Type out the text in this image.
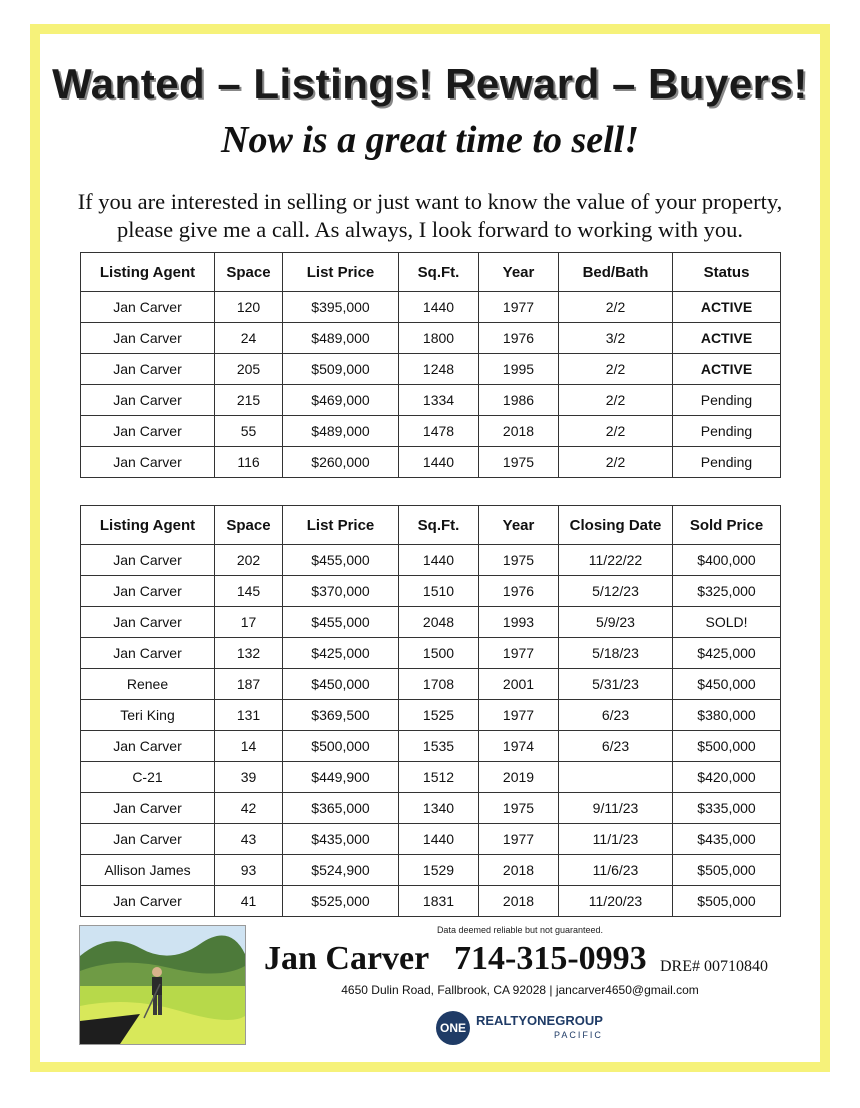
Wanted – Listings! Reward – Buyers!
Now is a great time to sell!
If you are interested in selling or just want to know the value of your property, please give me a call. As always, I look forward to working with you.
Listing Agent	Space	List Price	Sq.Ft.	Year	Bed/Bath	Status
Jan Carver	120	$395,000	1440	1977	2/2	ACTIVE
Jan Carver	24	$489,000	1800	1976	3/2	ACTIVE
Jan Carver	205	$509,000	1248	1995	2/2	ACTIVE
Jan Carver	215	$469,000	1334	1986	2/2	Pending
Jan Carver	55	$489,000	1478	2018	2/2	Pending
Jan Carver	116	$260,000	1440	1975	2/2	Pending
Listing Agent	Space	List Price	Sq.Ft.	Year	Closing Date	Sold Price
Jan Carver	202	$455,000	1440	1975	11/22/22	$400,000
Jan Carver	145	$370,000	1510	1976	5/12/23	$325,000
Jan Carver	17	$455,000	2048	1993	5/9/23	SOLD!
Jan Carver	132	$425,000	1500	1977	5/18/23	$425,000
Renee	187	$450,000	1708	2001	5/31/23	$450,000
Teri King	131	$369,500	1525	1977	6/23	$380,000
Jan Carver	14	$500,000	1535	1974	6/23	$500,000
C-21	39	$449,900	1512	2019		$420,000
Jan Carver	42	$365,000	1340	1975	9/11/23	$335,000
Jan Carver	43	$435,000	1440	1977	11/1/23	$435,000
Allison James	93	$524,900	1529	2018	11/6/23	$505,000
Jan Carver	41	$525,000	1831	2018	11/20/23	$505,000
Data deemed reliable but not guaranteed.
Jan Carver 714-315-0993 DRE# 00710840
4650 Dulin Road, Fallbrook, CA 92028 | jancarver4650@gmail.com
ONE REALTYONEGROUP
PACIFIC
